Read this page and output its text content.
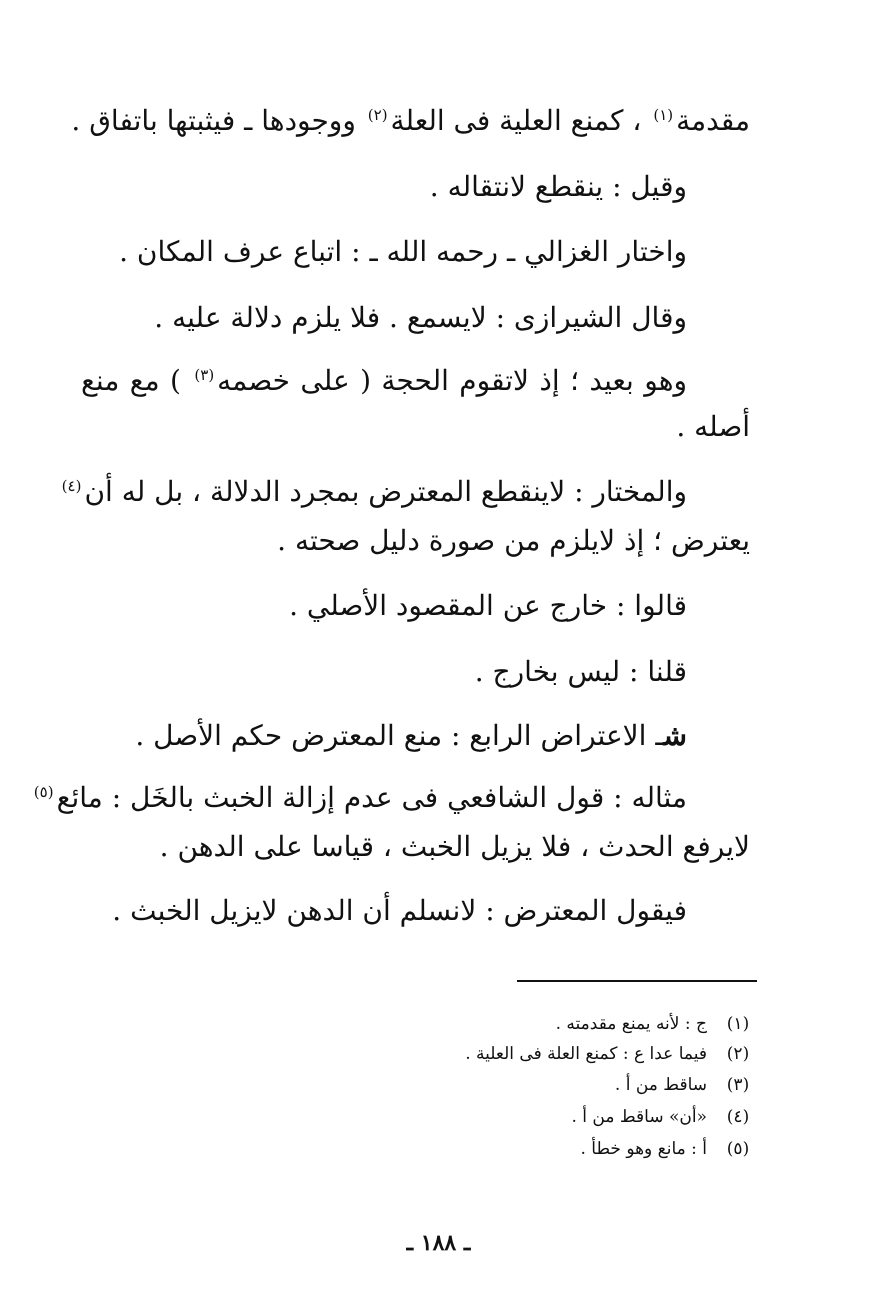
مقدمة$^{(١)}$ ، كمنع العلية فى العلة$^{(٢)}$ ووجودها ـ فيثبتها باتفاق .
وقيل : ينقطع لانتقاله .
واختار الغزالي ـ رحمه الله ـ : اتباع عرف المكان .
وقال الشيرازى : لايسمع . فلا يلزم دلالة عليه .
وهو بعيد ؛ إذ لاتقوم الحجة ( على خصمه$^{(٣)}$ ) مع منع
أصله .
والمختار : لاينقطع المعترض بمجرد الدلالة ، بل له أن$^{(٤)}$
يعترض ؛ إذ لايلزم من صورة دليل صحته .
قالوا : خارج عن المقصود الأصلي .
قلنا : ليس بخارج .
شـ الاعتراض الرابع : منع المعترض حكم الأصل .
مثاله : قول الشافعي فى عدم إزالة الخبث بالخَل : مائع$^{(٥)}$
لايرفع الحدث ، فلا يزيل الخبث ، قياسا على الدهن .
فيقول المعترض : لانسلم أن الدهن لايزيل الخبث .
(١)ج : لأنه يمنع مقدمته .
(٢)فيما عدا ع : كمنع العلة فى العلية .
(٣)ساقط من أ .
(٤)«أن» ساقط من أ .
(٥)أ : مانع وهو خطأ .
ـ ١٨٨ ـ
